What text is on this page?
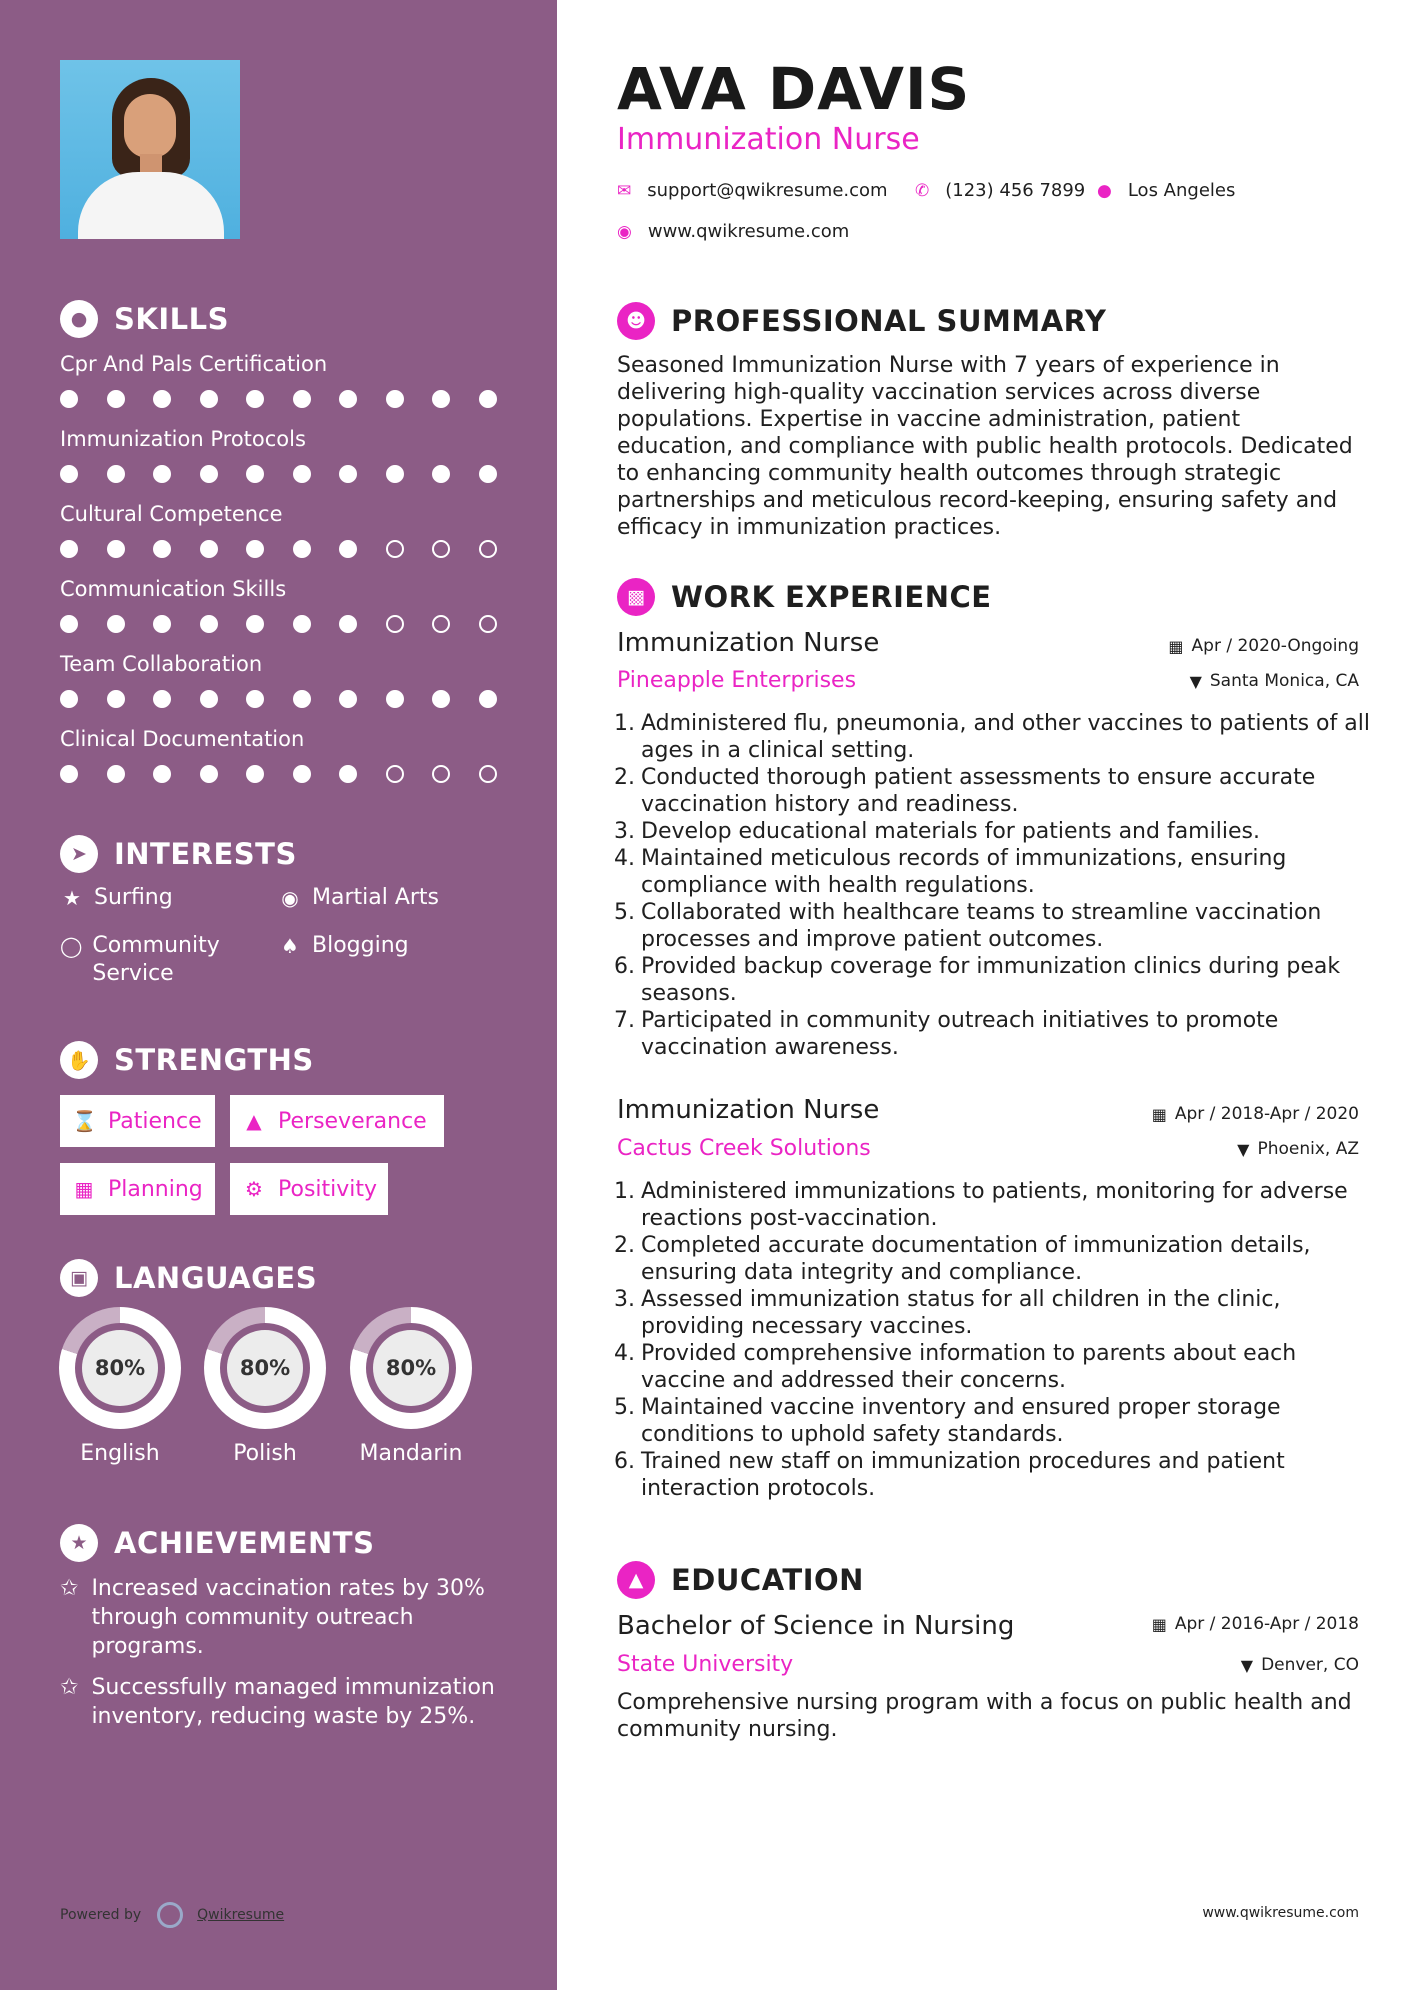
● SKILLS
Cpr And Pals Certification
Immunization Protocols
Cultural Competence
Communication Skills
Team Collaboration
Clinical Documentation
➤ INTERESTS
★ Surfing	◉ Martial Arts
◯ Community Service
♠ Blogging
✋ STRENGTHS
⌛ Patience ▲ Perseverance
▦ Planning ⚙ Positivity
▣ LANGUAGES
80%
English
80%
Polish
80%
Mandarin
★ ACHIEVEMENTS
✩ Increased vaccination rates by 30% through community outreach programs.
✩ Successfully managed immunization inventory, reducing waste by 25%.
Powered by	Qwikresume
AVA DAVIS
Immunization Nurse
✉ support@qwikresume.com ✆ (123) 456 7899 ● Los Angeles
◉ www.qwikresume.com
☻ PROFESSIONAL SUMMARY
Seasoned Immunization Nurse with 7 years of experience in delivering high-quality vaccination services across diverse populations. Expertise in vaccine administration, patient education, and compliance with public health protocols. Dedicated to enhancing community health outcomes through strategic partnerships and meticulous record-keeping, ensuring safety and efficacy in immunization practices.
▩ WORK EXPERIENCE
Immunization Nurse	▦ Apr / 2020-Ongoing
Pineapple Enterprises	▼ Santa Monica, CA
1. Administered flu, pneumonia, and other vaccines to patients of all ages in a clinical setting.
2. Conducted thorough patient assessments to ensure accurate vaccination history and readiness.
3. Develop educational materials for patients and families.
4. Maintained meticulous records of immunizations, ensuring compliance with health regulations.
5. Collaborated with healthcare teams to streamline vaccination processes and improve patient outcomes.
6. Provided backup coverage for immunization clinics during peak seasons.
7. Participated in community outreach initiatives to promote vaccination awareness.
Immunization Nurse	▦ Apr / 2018-Apr / 2020
Cactus Creek Solutions	▼ Phoenix, AZ
1. Administered immunizations to patients, monitoring for adverse reactions post-vaccination.
2. Completed accurate documentation of immunization details, ensuring data integrity and compliance.
3. Assessed immunization status for all children in the clinic, providing necessary vaccines.
4. Provided comprehensive information to parents about each vaccine and addressed their concerns.
5. Maintained vaccine inventory and ensured proper storage conditions to uphold safety standards.
6. Trained new staff on immunization procedures and patient interaction protocols.
▲ EDUCATION
Bachelor of Science in Nursing	▦ Apr / 2016-Apr / 2018
State University	▼ Denver, CO
Comprehensive nursing program with a focus on public health and community nursing.
www.qwikresume.com
